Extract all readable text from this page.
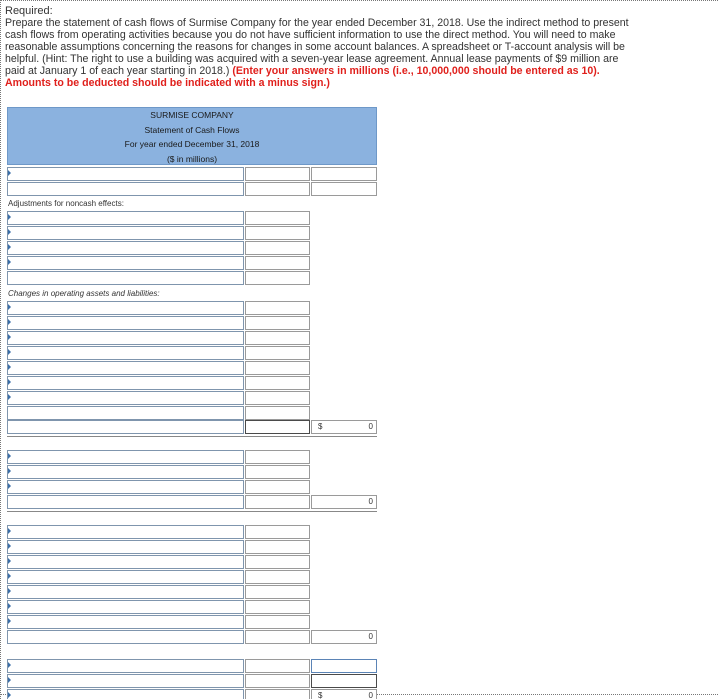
Required:
Prepare the statement of cash flows of Surmise Company for the year ended December 31, 2018. Use the indirect method to present cash flows from operating activities because you do not have sufficient information to use the direct method. You will need to make reasonable assumptions concerning the reasons for changes in some account balances. A spreadsheet or T-account analysis will be helpful. (Hint: The right to use a building was acquired with a seven-year lease agreement. Annual lease payments of $9 million are paid at January 1 of each year starting in 2018.) (Enter your answers in millions (i.e., 10,000,000 should be entered as 10). Amounts to be deducted should be indicated with a minus sign.)
SURMISE COMPANY
Statement of Cash Flows
For year ended December 31, 2018
($ in millions)
Adjustments for noncash effects:
Changes in operating assets and liabilities:
$	0
0
0
$	0
